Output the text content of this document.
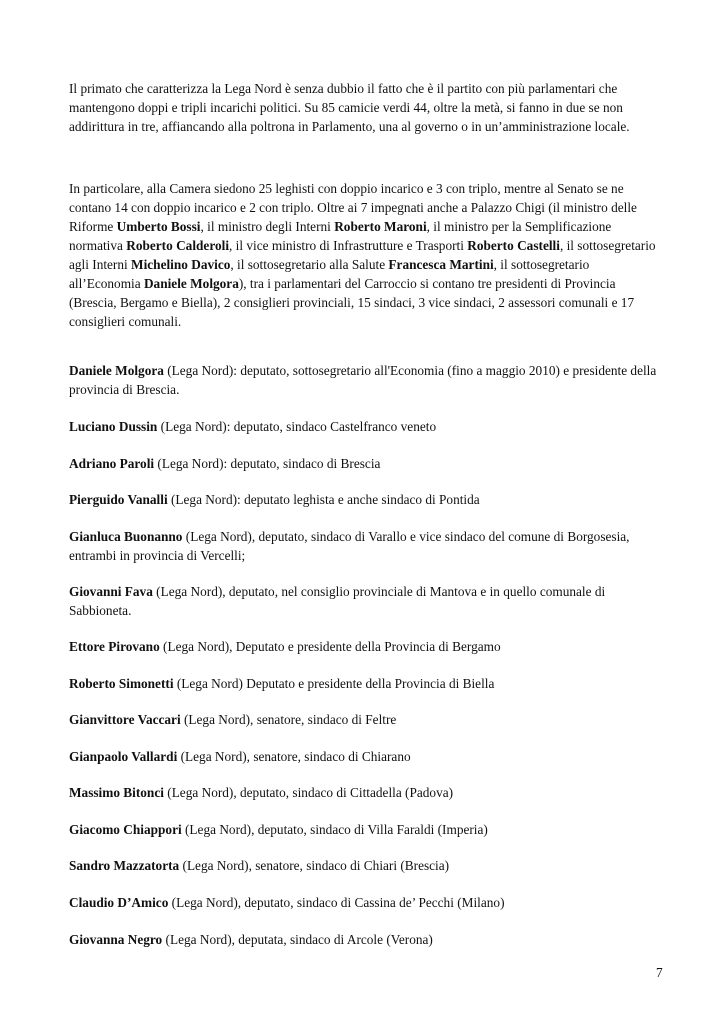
Il primato che caratterizza la Lega Nord è senza dubbio il fatto che è il partito con più parlamentari che mantengono doppi e tripli incarichi politici. Su 85 camicie verdi 44, oltre la metà, si fanno in due se non addirittura in tre, affiancando alla poltrona in Parlamento, una al governo o in un’amministrazione locale.

In particolare, alla Camera siedono 25 leghisti con doppio incarico e 3 con triplo, mentre al Senato se ne contano 14 con doppio incarico e 2 con triplo. Oltre ai 7 impegnati anche a Palazzo Chigi (il ministro delle Riforme Umberto Bossi, il ministro degli Interni Roberto Maroni, il ministro per la Semplificazione normativa Roberto Calderoli, il vice ministro di Infrastrutture e Trasporti Roberto Castelli, il sottosegretario agli Interni Michelino Davico, il sottosegretario alla Salute Francesca Martini, il sottosegretario all’Economia Daniele Molgora), tra i parlamentari del Carroccio si contano tre presidenti di Provincia (Brescia, Bergamo e Biella), 2 consiglieri provinciali, 15 sindaci, 3 vice sindaci, 2 assessori comunali e 17 consiglieri comunali.

Daniele Molgora (Lega Nord): deputato, sottosegretario all'Economia (fino a maggio 2010) e presidente della provincia di Brescia.

Luciano Dussin (Lega Nord): deputato, sindaco Castelfranco veneto

Adriano Paroli (Lega Nord): deputato, sindaco di Brescia

Pierguido Vanalli (Lega Nord): deputato leghista e anche sindaco di Pontida

Gianluca Buonanno (Lega Nord), deputato, sindaco di Varallo e vice sindaco del comune di Borgosesia, entrambi in provincia di Vercelli;

Giovanni Fava (Lega Nord), deputato, nel consiglio provinciale di Mantova e in quello comunale di Sabbioneta.

Ettore Pirovano (Lega Nord), Deputato e presidente della Provincia di Bergamo

Roberto Simonetti (Lega Nord) Deputato e presidente della Provincia di Biella

Gianvittore Vaccari (Lega Nord), senatore, sindaco di Feltre

Gianpaolo Vallardi (Lega Nord), senatore, sindaco di Chiarano

Massimo Bitonci (Lega Nord), deputato, sindaco di Cittadella (Padova)

Giacomo Chiappori (Lega Nord), deputato, sindaco di Villa Faraldi (Imperia)

Sandro Mazzatorta (Lega Nord), senatore, sindaco di Chiari (Brescia)

Claudio D’Amico (Lega Nord), deputato, sindaco di Cassina de’ Pecchi (Milano)

Giovanna Negro (Lega Nord), deputata, sindaco di Arcole (Verona)

7
